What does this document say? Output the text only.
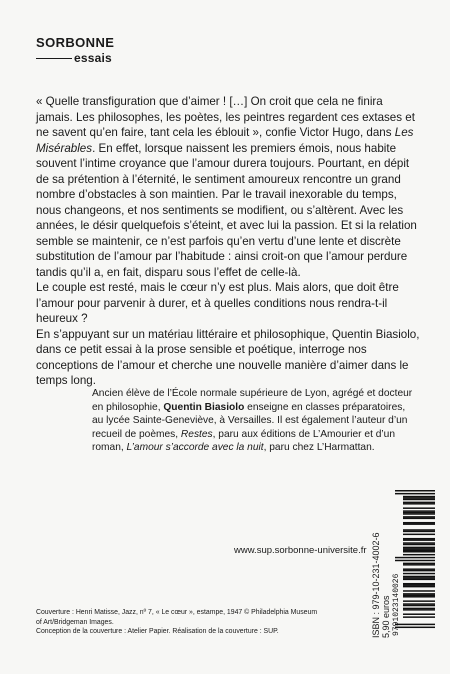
SORBONNE
essais

« Quelle transfiguration que d’aimer ! […] On croit que cela ne finira jamais. Les philosophes, les poètes, les peintres regardent ces extases et ne savent qu’en faire, tant cela les éblouit », confie Victor Hugo, dans Les Misérables. En effet, lorsque naissent les premiers émois, nous habite souvent l’intime croyance que l’amour durera toujours. Pourtant, en dépit de sa prétention à l’éternité, le sentiment amoureux rencontre un grand nombre d’obstacles à son maintien. Par le travail inexorable du temps, nous changeons, et nos sentiments se modifient, ou s’altèrent. Avec les années, le désir quelquefois s’éteint, et avec lui la passion. Et si la relation semble se maintenir, ce n’est parfois qu’en vertu d’une lente et discrète substitution de l’amour par l’habitude : ainsi croit-on que l’amour perdure tandis qu’il a, en fait, disparu sous l’effet de celle-là.

Le couple est resté, mais le cœur n’y est plus. Mais alors, que doit être l’amour pour parvenir à durer, et à quelles conditions nous rendra-t-il heureux ?

En s’appuyant sur un matériau littéraire et philosophique, Quentin Biasiolo, dans ce petit essai à la prose sensible et poétique, interroge nos conceptions de l’amour et cherche une nouvelle manière d’aimer dans le temps long.

Ancien élève de l’École normale supérieure de Lyon, agrégé et docteur en philosophie, Quentin Biasiolo enseigne en classes préparatoires, au lycée Sainte-Geneviève, à Versailles. Il est également l’auteur d’un recueil de poèmes, Restes, paru aux éditions de L’Amourier et d’un roman, L’amour s’accorde avec la nuit, paru chez L’Harmattan.
www.sup.sorbonne-universite.fr ISBN : 979-10-231-4002-6 5,90 euros 9791023140026
Couverture : Henri Matisse, Jazz, nº 7, « Le cœur », estampe, 1947 © Philadelphia Museum
of Art/Bridgeman Images.
Conception de la couverture : Atelier Papier. Réalisation de la couverture : SUP.
